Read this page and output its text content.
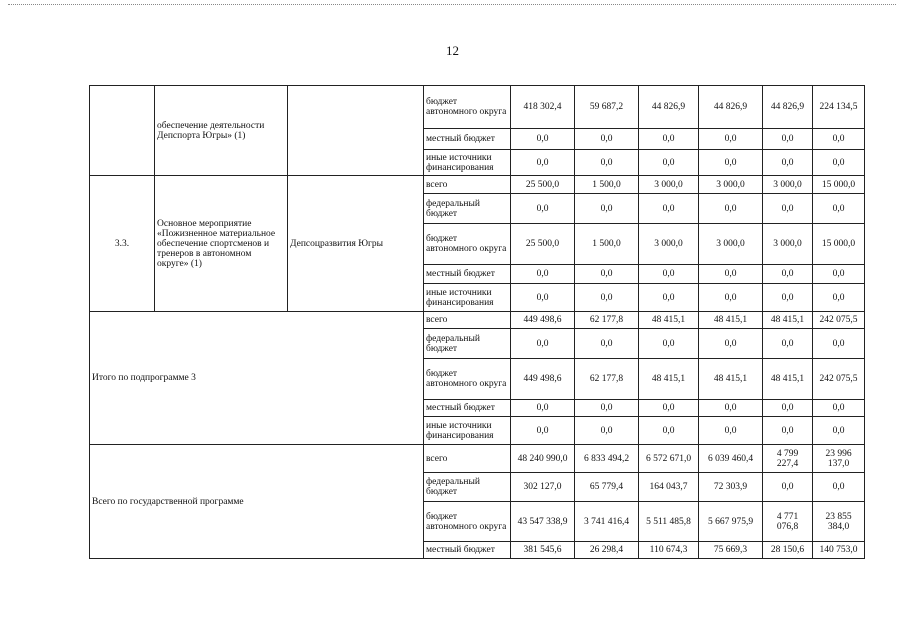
12
	обеспечение деятельности Депспорта Югры» (1)		бюджет автономного округа	418 302,4	59 687,2	44 826,9	44 826,9	44 826,9	224 134,5
			местный бюджет	0,0	0,0	0,0	0,0	0,0	0,0
			иные источники финансирования	0,0	0,0	0,0	0,0	0,0	0,0
3.3.	Основное мероприятие «Пожизненное материальное обеспечение спортсменов и тренеров в автономном округе» (1)	Депсоцразвития Югры	всего	25 500,0	1 500,0	3 000,0	3 000,0	3 000,0	15 000,0
			федеральный бюджет	0,0	0,0	0,0	0,0	0,0	0,0
			бюджет автономного округа	25 500,0	1 500,0	3 000,0	3 000,0	3 000,0	15 000,0
			местный бюджет	0,0	0,0	0,0	0,0	0,0	0,0
			иные источники финансирования	0,0	0,0	0,0	0,0	0,0	0,0
Итого по подпрограмме 3			всего	449 498,6	62 177,8	48 415,1	48 415,1	48 415,1	242 075,5
			федеральный бюджет	0,0	0,0	0,0	0,0	0,0	0,0
			бюджет автономного округа	449 498,6	62 177,8	48 415,1	48 415,1	48 415,1	242 075,5
			местный бюджет	0,0	0,0	0,0	0,0	0,0	0,0
			иные источники финансирования	0,0	0,0	0,0	0,0	0,0	0,0
Всего по государственной программе			всего	48 240 990,0	6 833 494,2	6 572 671,0	6 039 460,4	4 799 227,4	23 996 137,0
			федеральный бюджет	302 127,0	65 779,4	164 043,7	72 303,9	0,0	0,0
			бюджет автономного округа	43 547 338,9	3 741 416,4	5 511 485,8	5 667 975,9	4 771 076,8	23 855 384,0
			местный бюджет	381 545,6	26 298,4	110 674,3	75 669,3	28 150,6	140 753,0
